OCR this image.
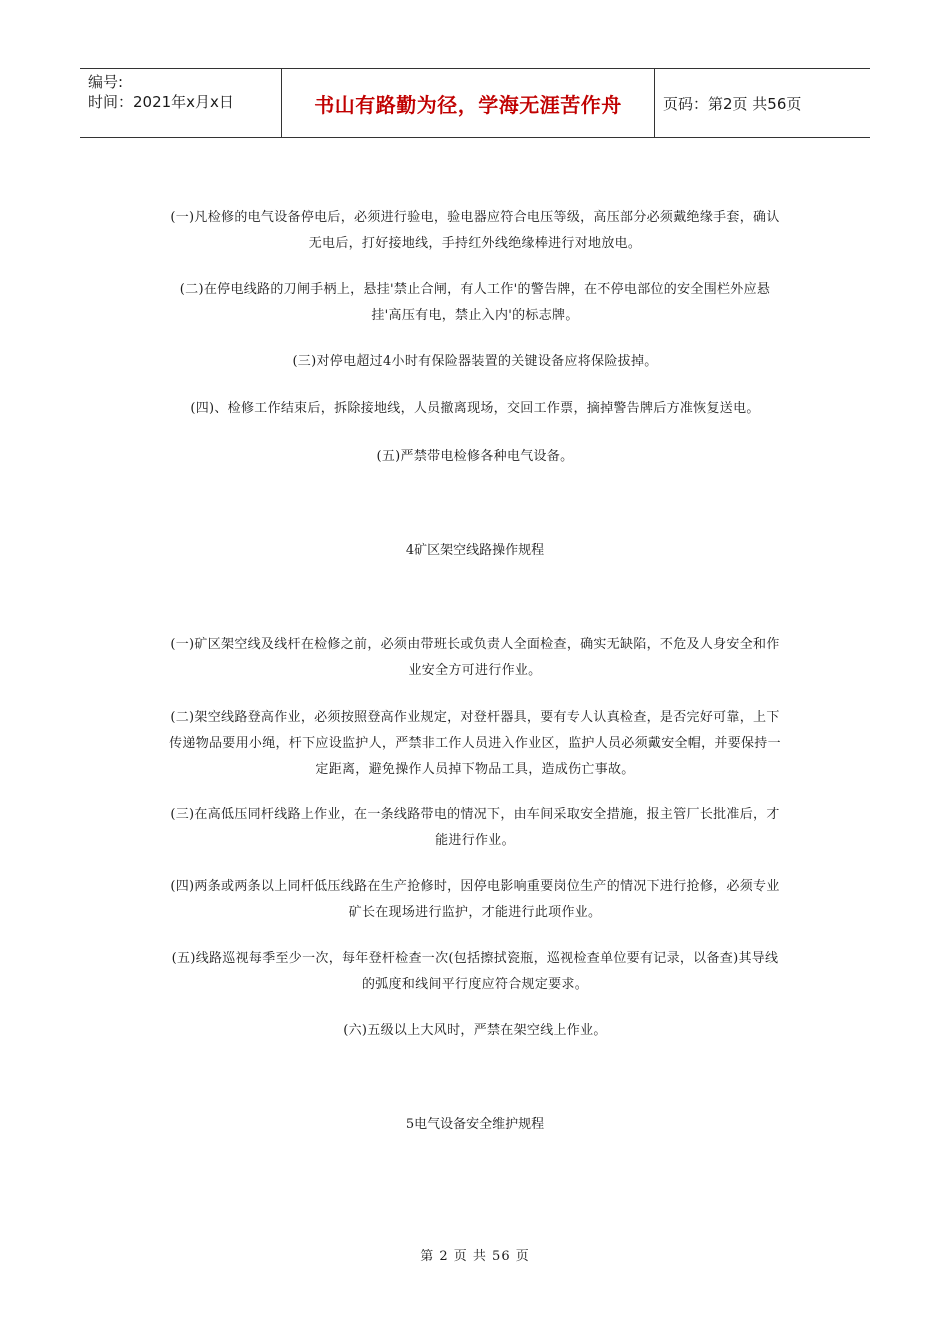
编号:
时间：2021年x月x日	书山有路勤为径，学海无涯苦作舟	页码：第2页 共56页
(一)凡检修的电气设备停电后，必须进行验电，验电器应符合电压等级，高压部分必须戴绝缘手套，确认
无电后，打好接地线，手持红外线绝缘棒进行对地放电。
(二)在停电线路的刀闸手柄上，悬挂'禁止合闸，有人工作'的警告牌，在不停电部位的安全围栏外应悬
挂'高压有电，禁止入内'的标志牌。
(三)对停电超过4小时有保险器装置的关键设备应将保险拔掉。
(四)、检修工作结束后，拆除接地线，人员撤离现场，交回工作票，摘掉警告牌后方准恢复送电。
(五)严禁带电检修各种电气设备。
4矿区架空线路操作规程
(一)矿区架空线及线杆在检修之前，必须由带班长或负责人全面检查，确实无缺陷，不危及人身安全和作
业安全方可进行作业。
(二)架空线路登高作业，必须按照登高作业规定，对登杆器具，要有专人认真检查，是否完好可靠，上下
传递物品要用小绳，杆下应设监护人，严禁非工作人员进入作业区，监护人员必须戴安全帽，并要保持一
定距离，避免操作人员掉下物品工具，造成伤亡事故。
(三)在高低压同杆线路上作业，在一条线路带电的情况下，由车间采取安全措施，报主管厂长批准后，才
能进行作业。
(四)两条或两条以上同杆低压线路在生产抢修时，因停电影响重要岗位生产的情况下进行抢修，必须专业
矿长在现场进行监护，才能进行此项作业。
(五)线路巡视每季至少一次，每年登杆检查一次(包括擦拭瓷瓶，巡视检查单位要有记录，以备查)其导线
的弧度和线间平行度应符合规定要求。
(六)五级以上大风时，严禁在架空线上作业。
5电气设备安全维护规程
第 2 页 共 56 页
